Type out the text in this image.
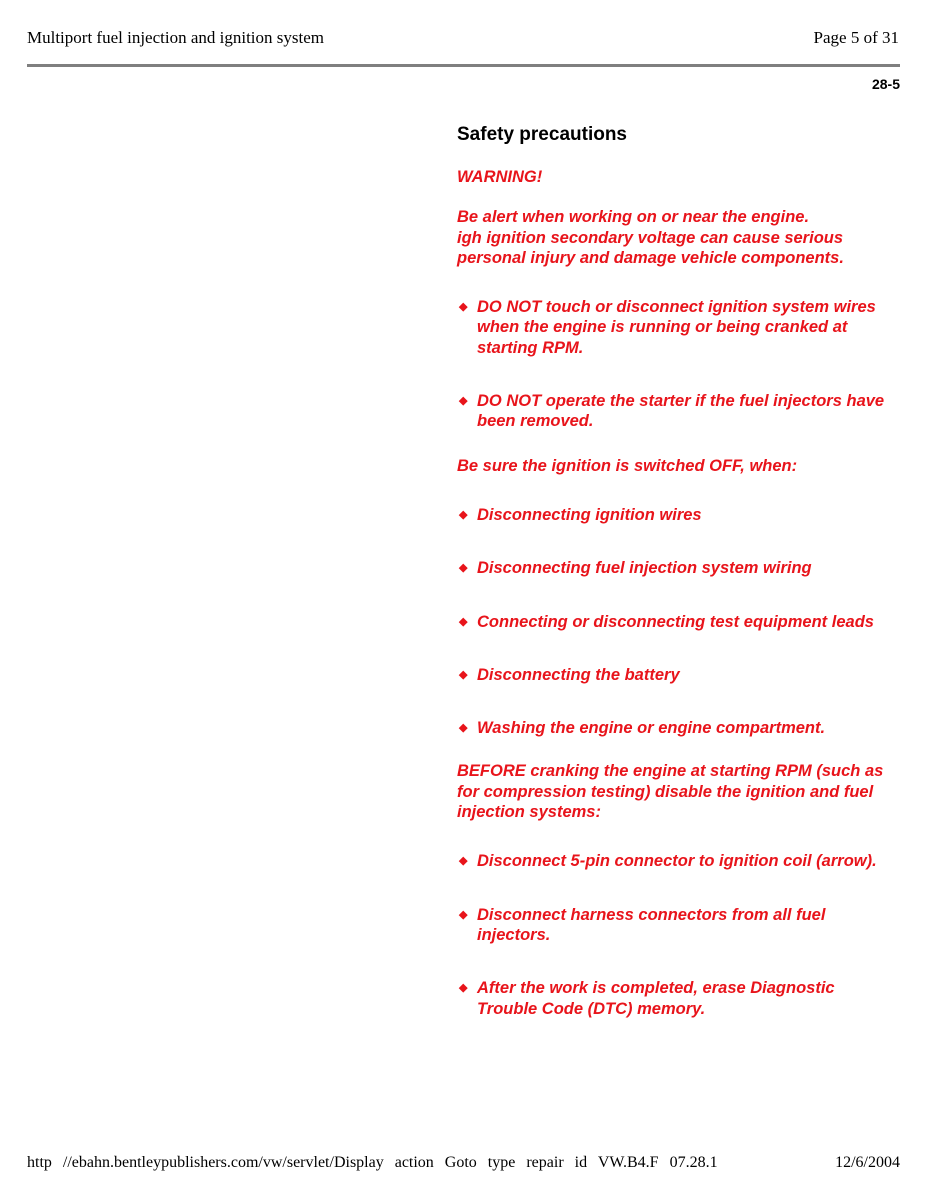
Multiport fuel injection and ignition system	Page 5 of 31
28-5
Safety precautions

WARNING!

Be alert when working on or near the engine.
igh ignition secondary voltage can cause serious personal injury and damage vehicle components.

◆ DO NOT touch or disconnect ignition system wires when the engine is running or being cranked at starting RPM.
◆ DO NOT operate the starter if the fuel injectors have been removed.

Be sure the ignition is switched OFF, when:

◆ Disconnecting ignition wires
◆ Disconnecting fuel injection system wiring
◆ Connecting or disconnecting test equipment leads
◆ Disconnecting the battery
◆ Washing the engine or engine compartment.

BEFORE cranking the engine at starting RPM (such as for compression testing) disable the ignition and fuel injection systems:

◆ Disconnect 5-pin connector to ignition coil (arrow).
◆ Disconnect harness connectors from all fuel injectors.
◆ After the work is completed, erase Diagnostic Trouble Code (DTC) memory.
http //ebahn.bentleypublishers.com/vw/servlet/Display action Goto type repair id VW.B4.F 07.28.1	12/6/2004
